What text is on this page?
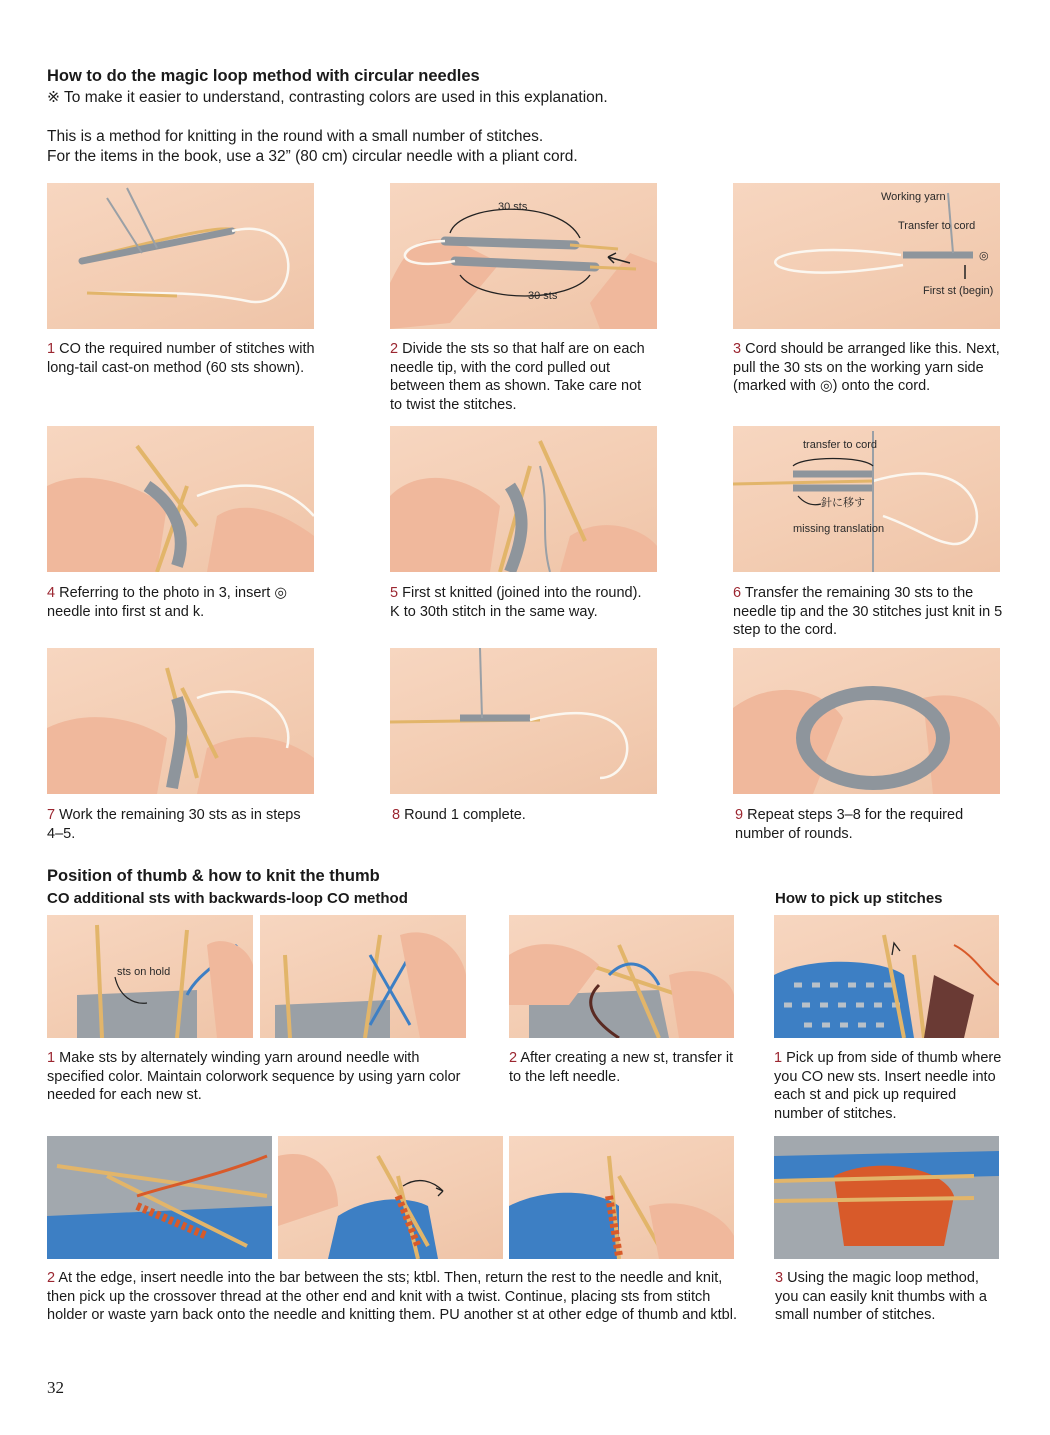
How to do the magic loop method with circular needles
※ To make it easier to understand, contrasting colors are used in this explanation.
This is a method for knitting in the round with a small number of stitches.
For the items in the book, use a 32” (80 cm) circular needle with a pliant cord.
30 sts
30 sts
Working yarn
Transfer to cord
◎
First st (begin)
1 CO the required number of stitches with long-tail cast-on method (60 sts shown).
2 Divide the sts so that half are on each needle tip, with the cord pulled out between them as shown. Take care not to twist the stitches.
3 Cord should be arranged like this. Next, pull the 30 sts on the working yarn side (marked with ◎) onto the cord.
transfer to cord
針に移す
missing translation
4 Referring to the photo in 3, insert ◎ needle into first st and k.
5 First st knitted (joined into the round). K to 30th stitch in the same way.
6 Transfer the remaining 30 sts to the needle tip and the 30 stitches just knit in 5 step to the cord.
7 Work the remaining 30 sts as in steps 4–5.
8 Round 1 complete.	9 Repeat steps 3–8 for the required number of rounds.
Position of thumb & how to knit the thumb
CO additional sts with backwards-loop CO method	How to pick up stitches
sts on hold
1 Make sts by alternately winding yarn around needle with specified color. Maintain colorwork sequence by using yarn color needed for each new st.
2 After creating a new st, transfer it to the left needle.
1 Pick up from side of thumb where you CO new sts. Insert needle into each st and pick up required number of stitches.
2 At the edge, insert needle into the bar between the sts; ktbl. Then, return the rest to the needle and knit, then pick up the crossover thread at the other end and knit with a twist. Continue, placing sts from stitch holder or waste yarn back onto the needle and knitting them. PU another st at other edge of thumb and ktbl.
3 Using the magic loop method, you can easily knit thumbs with a small number of stitches.
32
